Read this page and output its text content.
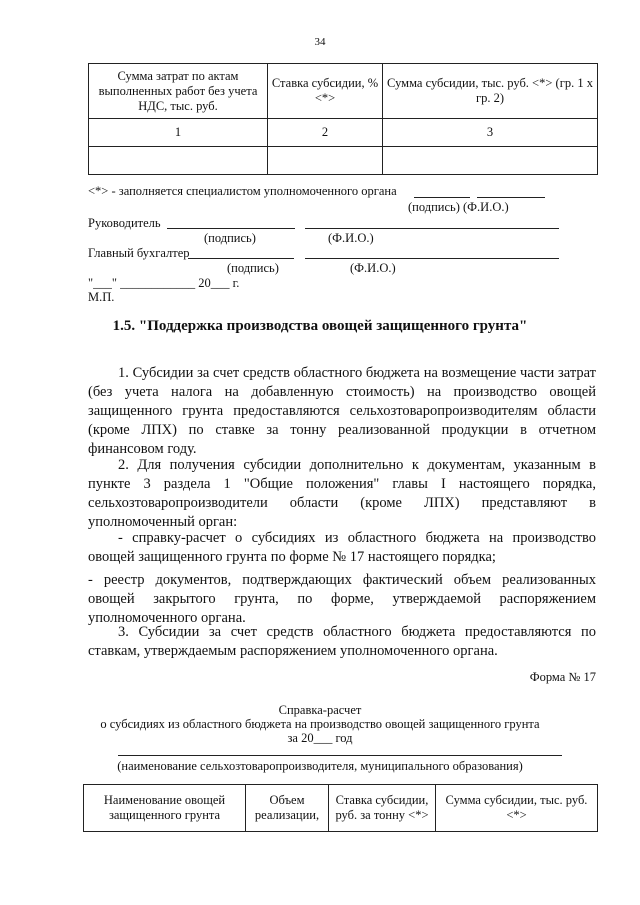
34
Сумма затрат по актам выполненных работ без учета НДС, тыс. руб.	Ставка субсидии, % <*>	Сумма субсидии, тыс. руб. <*> (гр. 1 х гр. 2)
1	2	3

<*> - заполняется специалистом уполномоченного органа
(подпись) (Ф.И.О.)
Руководитель
(подпись)	(Ф.И.О.)
Главный бухгалтер
(подпись)	(Ф.И.О.)
"___" ____________ 20___ г.
М.П.
1.5. "Поддержка производства овощей защищенного грунта"
1. Субсидии за счет средств областного бюджета на возмещение части затрат (без учета налога на добавленную стоимость) на производство овощей защищенного грунта предоставляются сельхозтоваропроизводителям области (кроме ЛПХ) по ставке за тонну реализованной продукции в отчетном финансовом году.
2. Для получения субсидии дополнительно к документам, указанным в пункте 3 раздела 1 "Общие положения" главы I настоящего порядка, сельхозтоваропроизводители области (кроме ЛПХ) представляют в уполномоченный орган:
- справку-расчет о субсидиях из областного бюджета на производство овощей защищенного грунта по форме № 17 настоящего порядка;
- реестр документов, подтверждающих фактический объем реализованных овощей закрытого грунта, по форме, утверждаемой распоряжением уполномоченного органа.
3. Субсидии за счет средств областного бюджета предоставляются по ставкам, утверждаемым распоряжением уполномоченного органа.
Форма № 17
Справка-расчет
о субсидиях из областного бюджета на производство овощей защищенного грунта
за 20___ год
(наименование сельхозтоваропроизводителя, муниципального образования)
Наименование овощей защищенного грунта	Объем реализации,	Ставка субсидии, руб. за тонну <*>	Сумма субсидии, тыс. руб. <*>
